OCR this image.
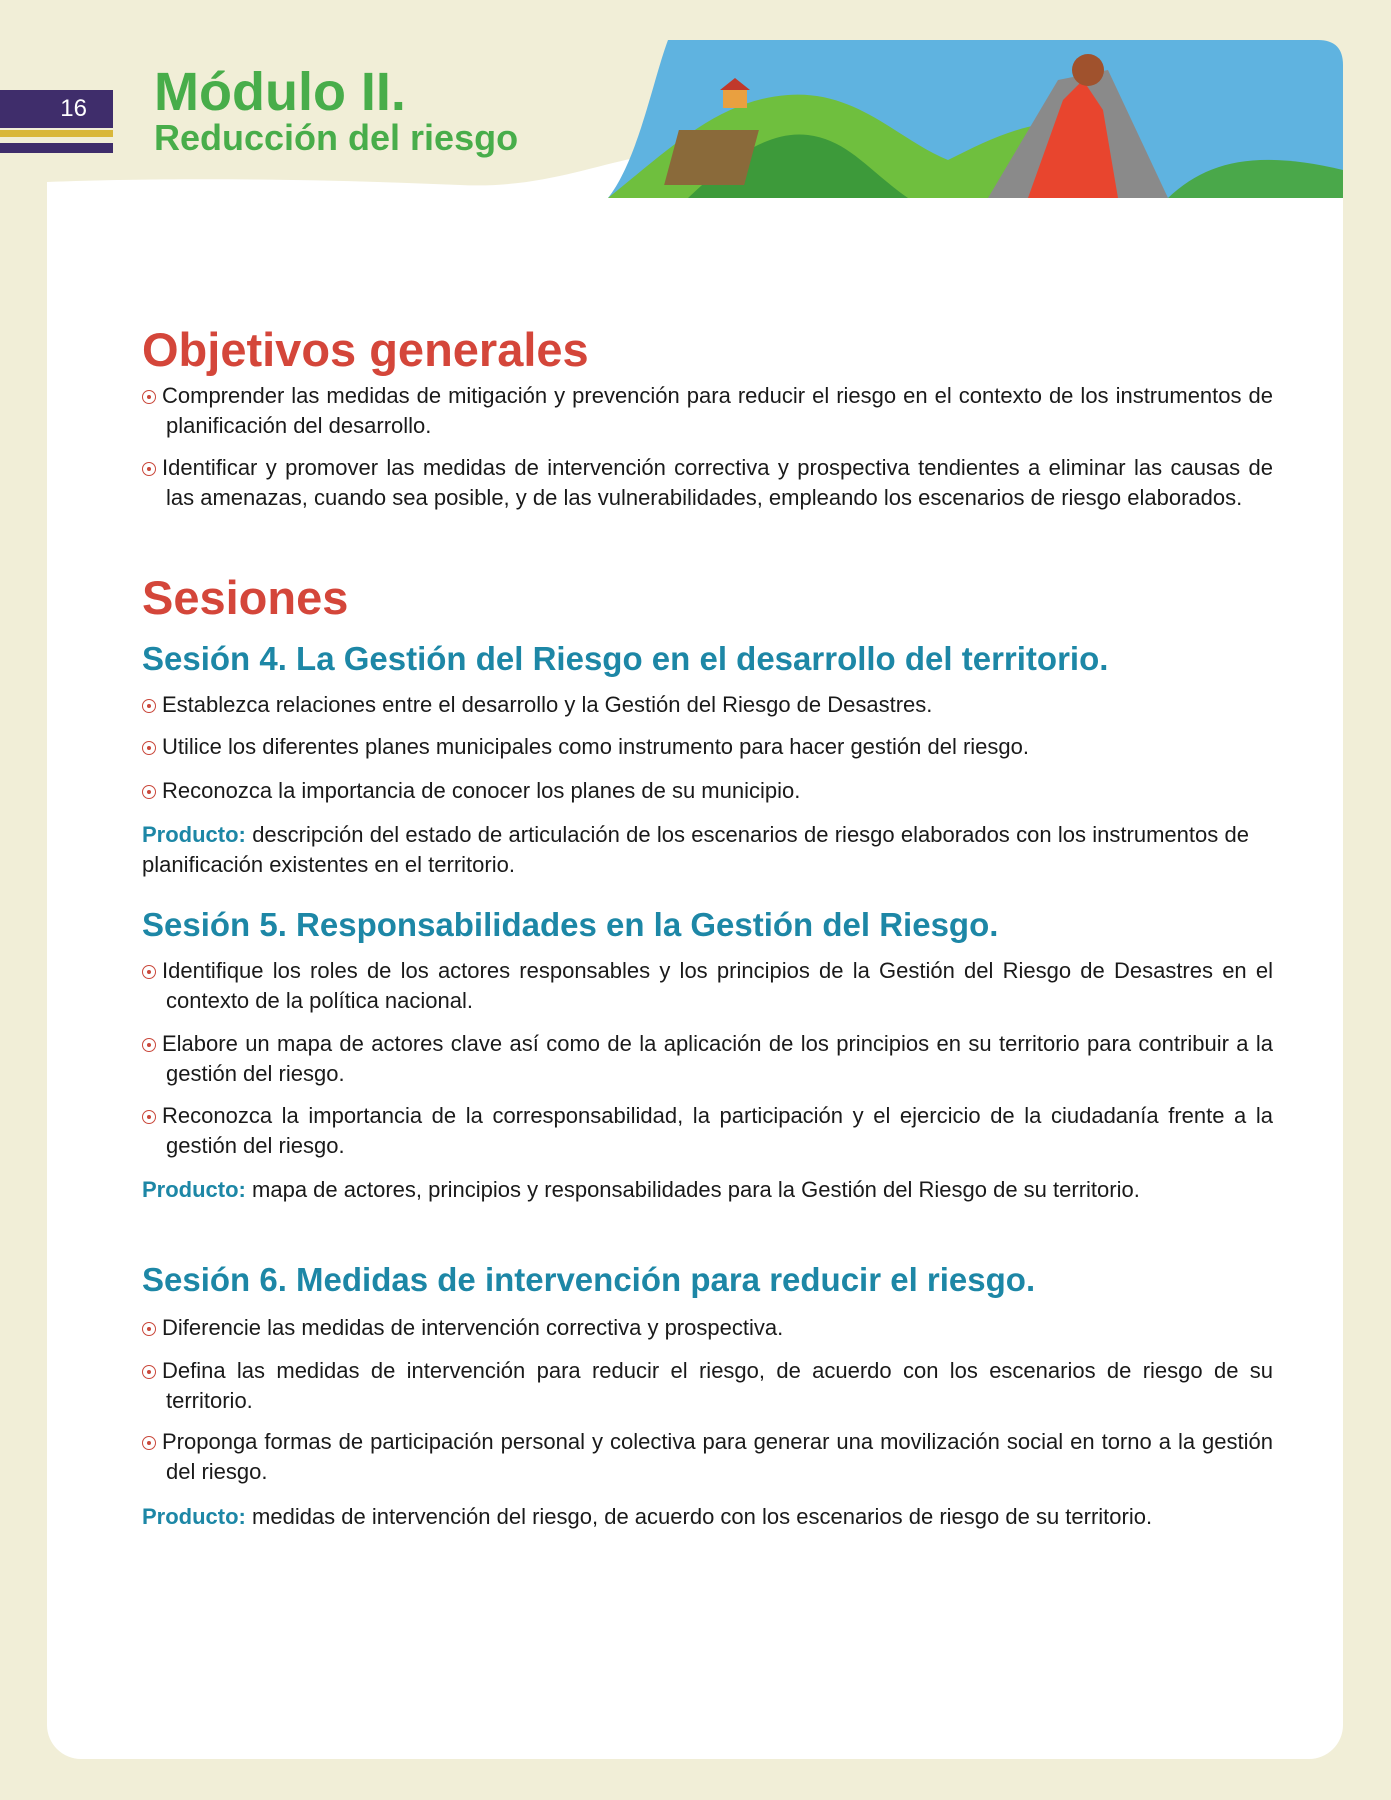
16	Módulo II.
Reducción del riesgo
Objetivos generales
Comprender las medidas de mitigación y prevención para reducir el riesgo en el contexto de los instrumentos de planificación del desarrollo.
Identificar y promover las medidas de intervención correctiva y prospectiva tendientes a eliminar las causas de las amenazas, cuando sea posible, y de las vulnerabilidades, empleando los escenarios de riesgo elaborados.
Sesiones
Sesión 4. La Gestión del Riesgo en el desarrollo del territorio.
Establezca relaciones entre el desarrollo y la Gestión del Riesgo de Desastres.
Utilice los diferentes planes municipales como instrumento para hacer gestión del riesgo.
Reconozca la importancia de conocer los planes de su municipio.
Producto: descripción del estado de articulación de los escenarios de riesgo elaborados con los instrumentos de planificación existentes en el territorio.
Sesión 5. Responsabilidades en la Gestión del Riesgo.
Identifique los roles de los actores responsables y los principios de la Gestión del Riesgo de Desastres en el contexto de la política nacional.
Elabore un mapa de actores clave así como de la aplicación de los principios en su territorio para contribuir a la gestión del riesgo.
Reconozca la importancia de la corresponsabilidad, la participación y el ejercicio de la ciudadanía frente a la gestión del riesgo.
Producto: mapa de actores, principios y responsabilidades para la Gestión del Riesgo de su territorio.
Sesión 6. Medidas de intervención para reducir el riesgo.
Diferencie las medidas de intervención correctiva y prospectiva.
Defina las medidas de intervención para reducir el riesgo, de acuerdo con los escenarios de riesgo de su territorio.
Proponga formas de participación personal y colectiva para generar una movilización social en torno a la gestión del riesgo.
Producto: medidas de intervención del riesgo, de acuerdo con los escenarios de riesgo de su territorio.
